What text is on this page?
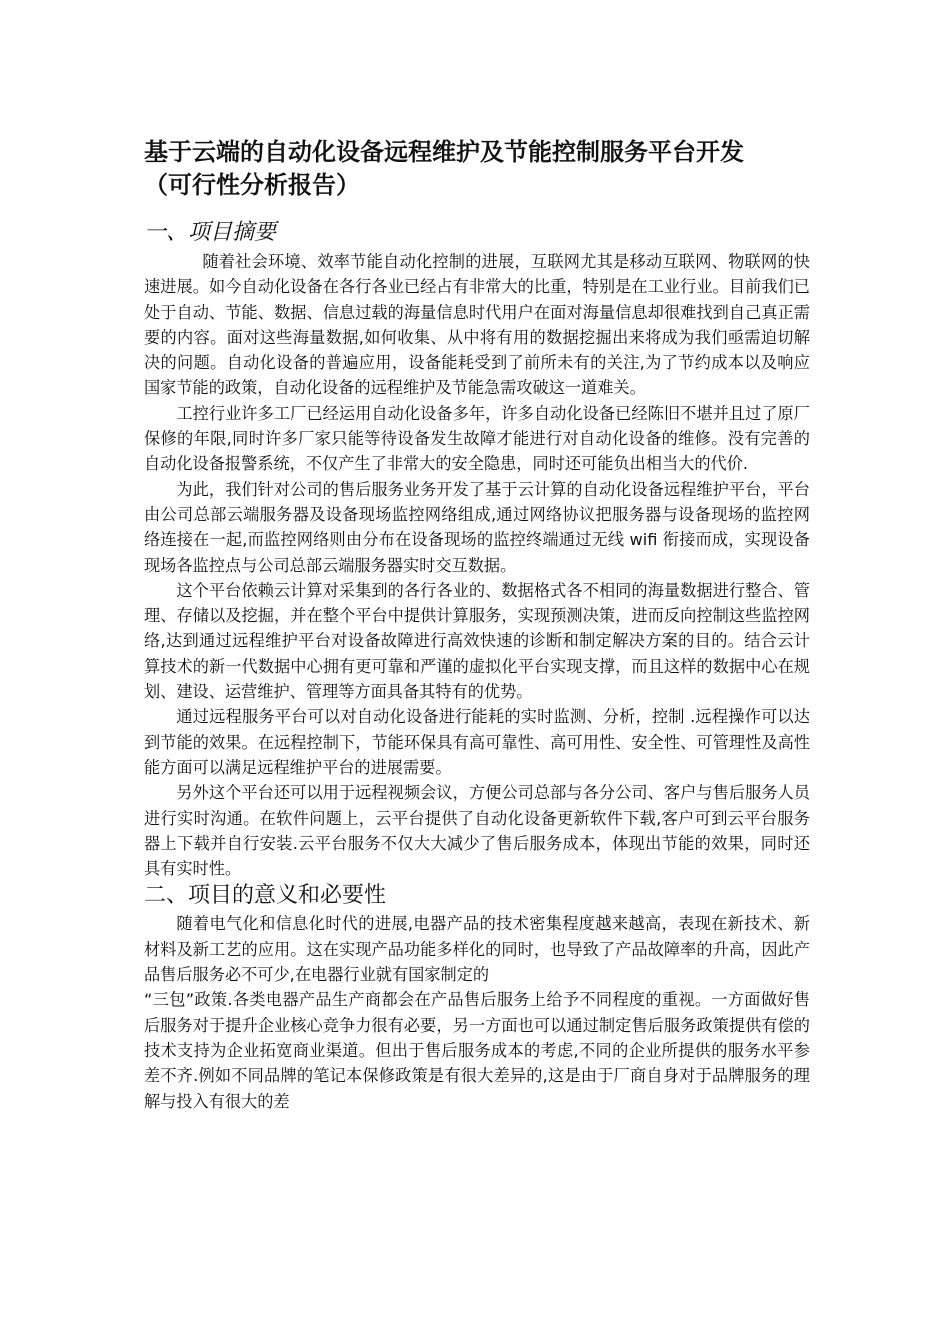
基于云端的自动化设备远程维护及节能控制服务平台开发
（可行性分析报告）
一、项目摘要

随着社会环境、效率节能自动化控制的进展，互联网尤其是移动互联网、物联网的快速进展。如今自动化设备在各行各业已经占有非常大的比重，特别是在工业行业。目前我们已处于自动、节能、数据、信息过载的海量信息时代用户在面对海量信息却很难找到自己真正需要的内容。面对这些海量数据,如何收集、从中将有用的数据挖掘出来将成为我们亟需迫切解决的问题。自动化设备的普遍应用，设备能耗受到了前所未有的关注,为了节约成本以及响应国家节能的政策，自动化设备的远程维护及节能急需攻破这一道难关。

工控行业许多工厂已经运用自动化设备多年，许多自动化设备已经陈旧不堪并且过了原厂保修的年限,同时许多厂家只能等待设备发生故障才能进行对自动化设备的维修。没有完善的自动化设备报警系统，不仅产生了非常大的安全隐患，同时还可能负出相当大的代价.

为此，我们针对公司的售后服务业务开发了基于云计算的自动化设备远程维护平台，平台由公司总部云端服务器及设备现场监控网络组成,通过网络协议把服务器与设备现场的监控网络连接在一起,而监控网络则由分布在设备现场的监控终端通过无线 wifi 衔接而成，实现设备现场各监控点与公司总部云端服务器实时交互数据。

这个平台依赖云计算对采集到的各行各业的、数据格式各不相同的海量数据进行整合、管理、存储以及挖掘，并在整个平台中提供计算服务，实现预测决策，进而反向控制这些监控网络,达到通过远程维护平台对设备故障进行高效快速的诊断和制定解决方案的目的。结合云计算技术的新一代数据中心拥有更可靠和严谨的虚拟化平台实现支撑，而且这样的数据中心在规划、建设、运营维护、管理等方面具备其特有的优势。

通过远程服务平台可以对自动化设备进行能耗的实时监测、分析，控制 .远程操作可以达到节能的效果。在远程控制下，节能环保具有高可靠性、高可用性、安全性、可管理性及高性能方面可以满足远程维护平台的进展需要。

另外这个平台还可以用于远程视频会议，方便公司总部与各分公司、客户与售后服务人员进行实时沟通。在软件问题上，云平台提供了自动化设备更新软件下载,客户可到云平台服务器上下载并自行安装.云平台服务不仅大大减少了售后服务成本，体现出节能的效果，同时还具有实时性。

二、项目的意义和必要性

随着电气化和信息化时代的进展,电器产品的技术密集程度越来越高，表现在新技术、新材料及新工艺的应用。这在实现产品功能多样化的同时，也导致了产品故障率的升高，因此产品售后服务必不可少,在电器行业就有国家制定的

“三包”政策.各类电器产品生产商都会在产品售后服务上给予不同程度的重视。一方面做好售后服务对于提升企业核心竞争力很有必要，另一方面也可以通过制定售后服务政策提供有偿的技术支持为企业拓宽商业渠道。但出于售后服务成本的考虑,不同的企业所提供的服务水平参差不齐.例如不同品牌的笔记本保修政策是有很大差异的,这是由于厂商自身对于品牌服务的理解与投入有很大的差
